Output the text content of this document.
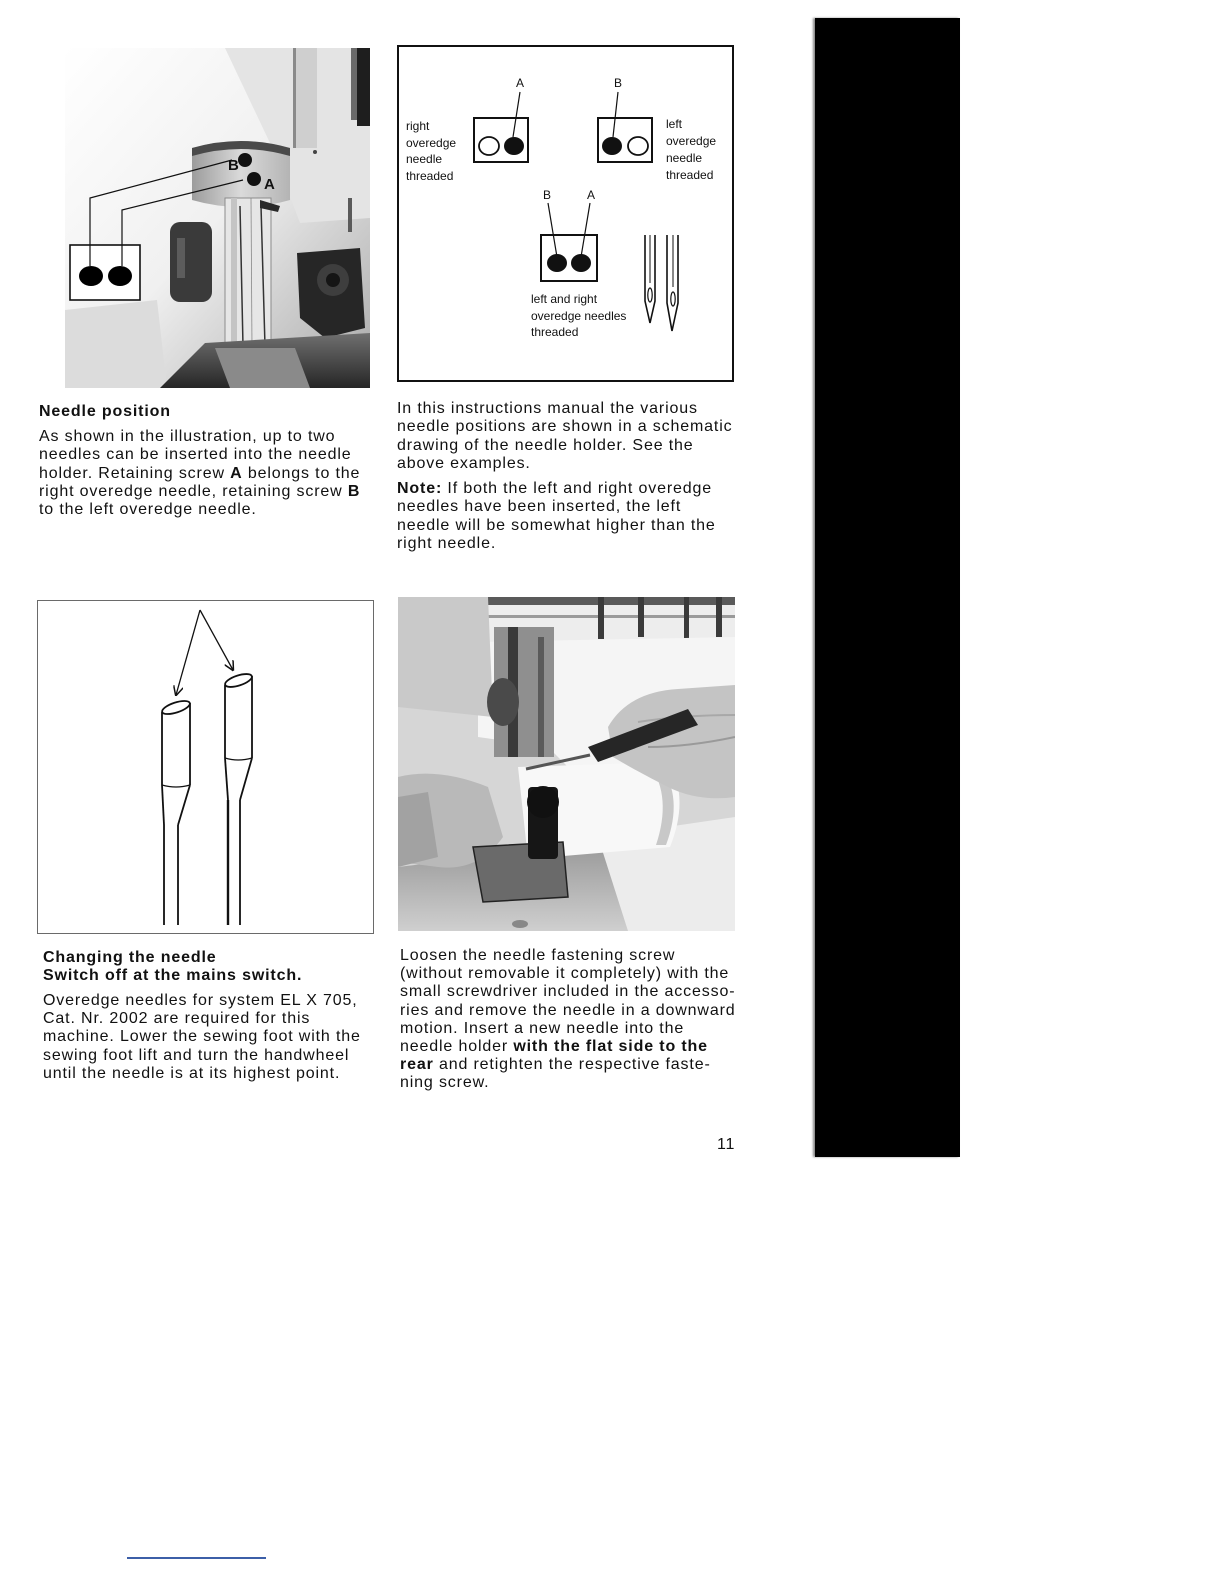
B
A
A	B
right
overedge
needle
threaded
left
overedge
needle
threaded
B	A
left and right
overedge needles
threaded
Needle position
As shown in the illustration, up to two
needles can be inserted into the needle
holder. Retaining screw A belongs to the
right overedge needle, retaining screw B
to the left overedge needle.
In this instructions manual the various
needle positions are shown in a schematic
drawing of the needle holder. See the
above examples.
Note: If both the left and right overedge
needles have been inserted, the left
needle will be somewhat higher than the
right needle.
Changing the needle
Switch off at the mains switch.
Overedge needles for system EL X 705,
Cat. Nr. 2002 are required for this
machine. Lower the sewing foot with the
sewing foot lift and turn the handwheel
until the needle is at its highest point.
Loosen the needle fastening screw
(without removable it completely) with the
small screwdriver included in the accesso-
ries and remove the needle in a downward
motion. Insert a new needle into the
needle holder with the flat side to the
rear and retighten the respective faste-
ning screw.
11
